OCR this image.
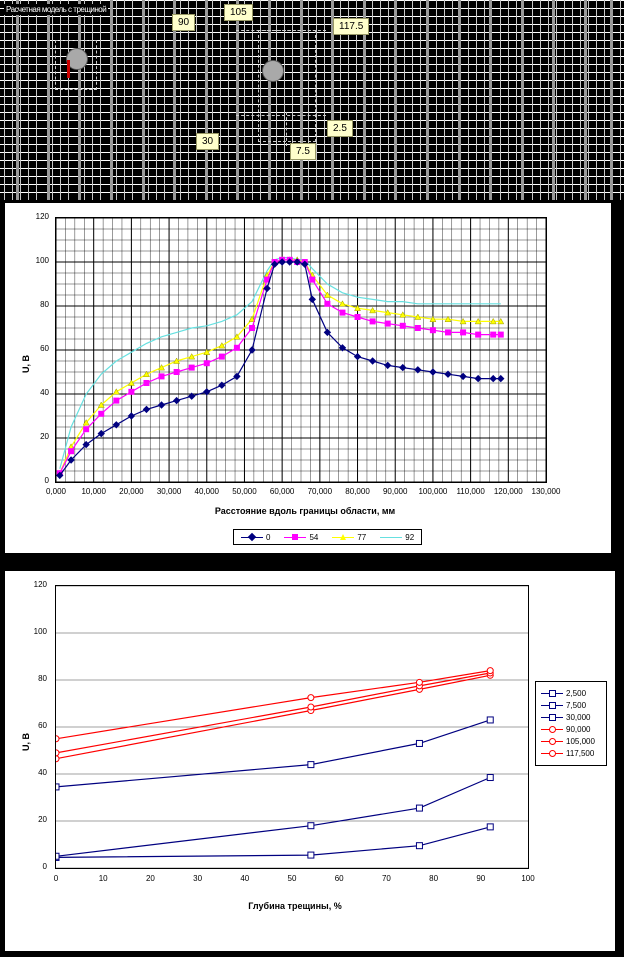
Расчетная модель с трещиной
90
105
117.5
30
2.5
7.5
0
20
40
60
80
100
120
0,000	10,000	20,000	30,000	40,000	50,000	60,000	70,000	80,000	90,000	100,000	110,000	120,000	130,000
U, В
Расстояние вдоль границы области, мм
0	54	77	92
0
20
40
60
80
100
120
0	10	20	30	40	50	60	70	80	90	100
U, В
Глубина трещины, %
2,500
7,500
30,000
90,000
105,000
117,500
